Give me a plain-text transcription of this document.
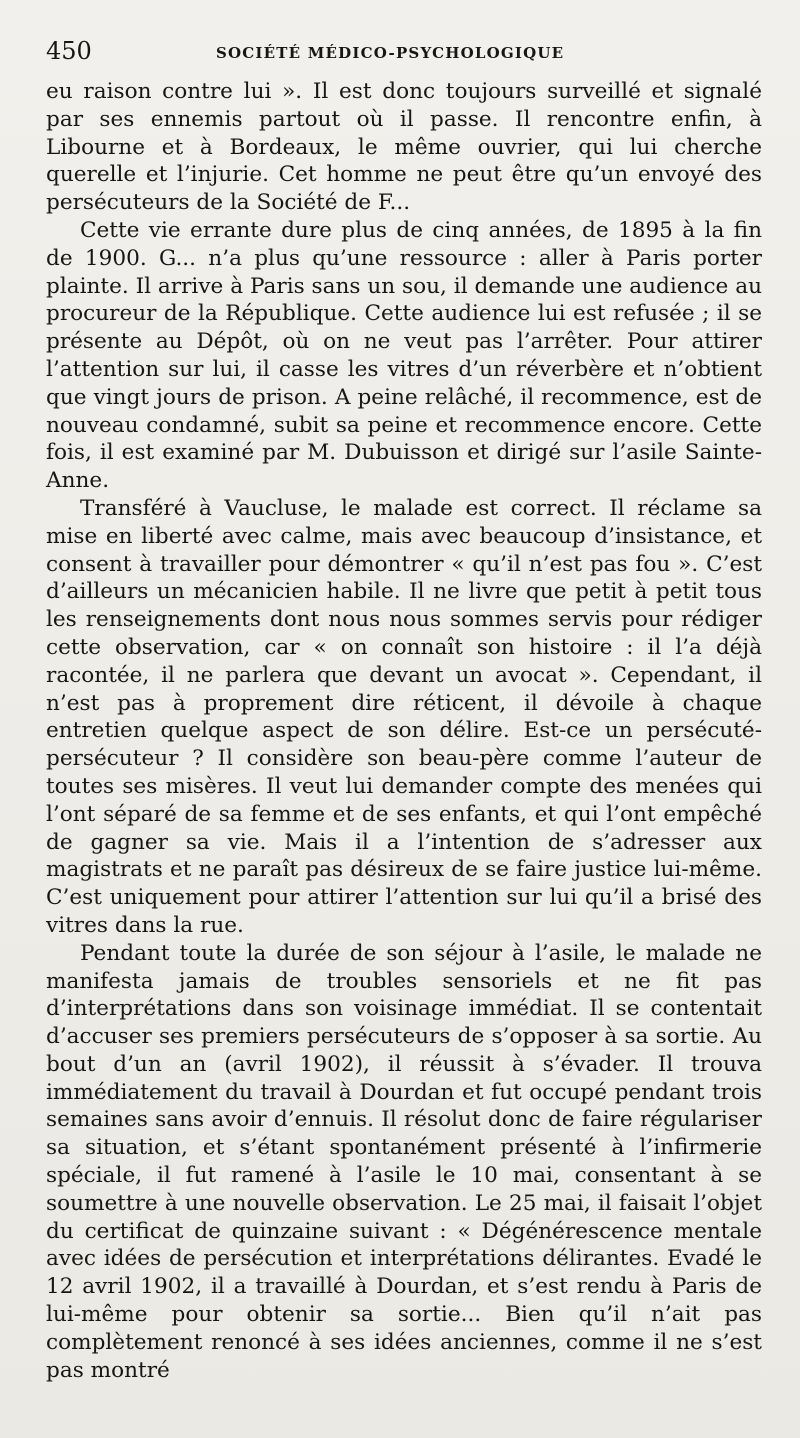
450	SOCIÉTÉ MÉDICO-PSYCHOLOGIQUE

eu raison contre lui ». Il est donc toujours surveillé et signalé par ses ennemis partout où il passe. Il rencontre enfin, à Libourne et à Bordeaux, le même ouvrier, qui lui cherche querelle et l’injurie. Cet homme ne peut être qu’un envoyé des persécuteurs de la Société de F...

Cette vie errante dure plus de cinq années, de 1895 à la fin de 1900. G... n’a plus qu’une ressource : aller à Paris porter plainte. Il arrive à Paris sans un sou, il demande une audience au procureur de la République. Cette audience lui est refusée ; il se présente au Dépôt, où on ne veut pas l’arrêter. Pour attirer l’attention sur lui, il casse les vitres d’un réverbère et n’obtient que vingt jours de prison. A peine relâché, il recommence, est de nouveau condamné, subit sa peine et recommence encore. Cette fois, il est examiné par M. Dubuisson et dirigé sur l’asile Sainte-Anne.

Transféré à Vaucluse, le malade est correct. Il réclame sa mise en liberté avec calme, mais avec beaucoup d’insistance, et consent à travailler pour démontrer « qu’il n’est pas fou ». C’est d’ailleurs un mécanicien habile. Il ne livre que petit à petit tous les renseignements dont nous nous sommes servis pour rédiger cette observation, car « on connaît son histoire : il l’a déjà racontée, il ne parlera que devant un avocat ». Cependant, il n’est pas à proprement dire réticent, il dévoile à chaque entretien quelque aspect de son délire. Est-ce un persécuté-persécuteur ? Il considère son beau-père comme l’auteur de toutes ses misères. Il veut lui demander compte des menées qui l’ont séparé de sa femme et de ses enfants, et qui l’ont empêché de gagner sa vie. Mais il a l’intention de s’adresser aux magistrats et ne paraît pas désireux de se faire justice lui-même. C’est uniquement pour attirer l’attention sur lui qu’il a brisé des vitres dans la rue.

Pendant toute la durée de son séjour à l’asile, le malade ne manifesta jamais de troubles sensoriels et ne fit pas d’interprétations dans son voisinage immédiat. Il se contentait d’accuser ses premiers persécuteurs de s’opposer à sa sortie. Au bout d’un an (avril 1902), il réussit à s’évader. Il trouva immédiatement du travail à Dourdan et fut occupé pendant trois semaines sans avoir d’ennuis. Il résolut donc de faire régulariser sa situation, et s’étant spontanément présenté à l’infirmerie spéciale, il fut ramené à l’asile le 10 mai, consentant à se soumettre à une nouvelle observation. Le 25 mai, il faisait l’objet du certificat de quinzaine suivant : « Dégénérescence mentale avec idées de persécution et interprétations délirantes. Evadé le 12 avril 1902, il a travaillé à Dourdan, et s’est rendu à Paris de lui-même pour obtenir sa sortie... Bien qu’il n’ait pas complètement renoncé à ses idées anciennes, comme il ne s’est pas montré
